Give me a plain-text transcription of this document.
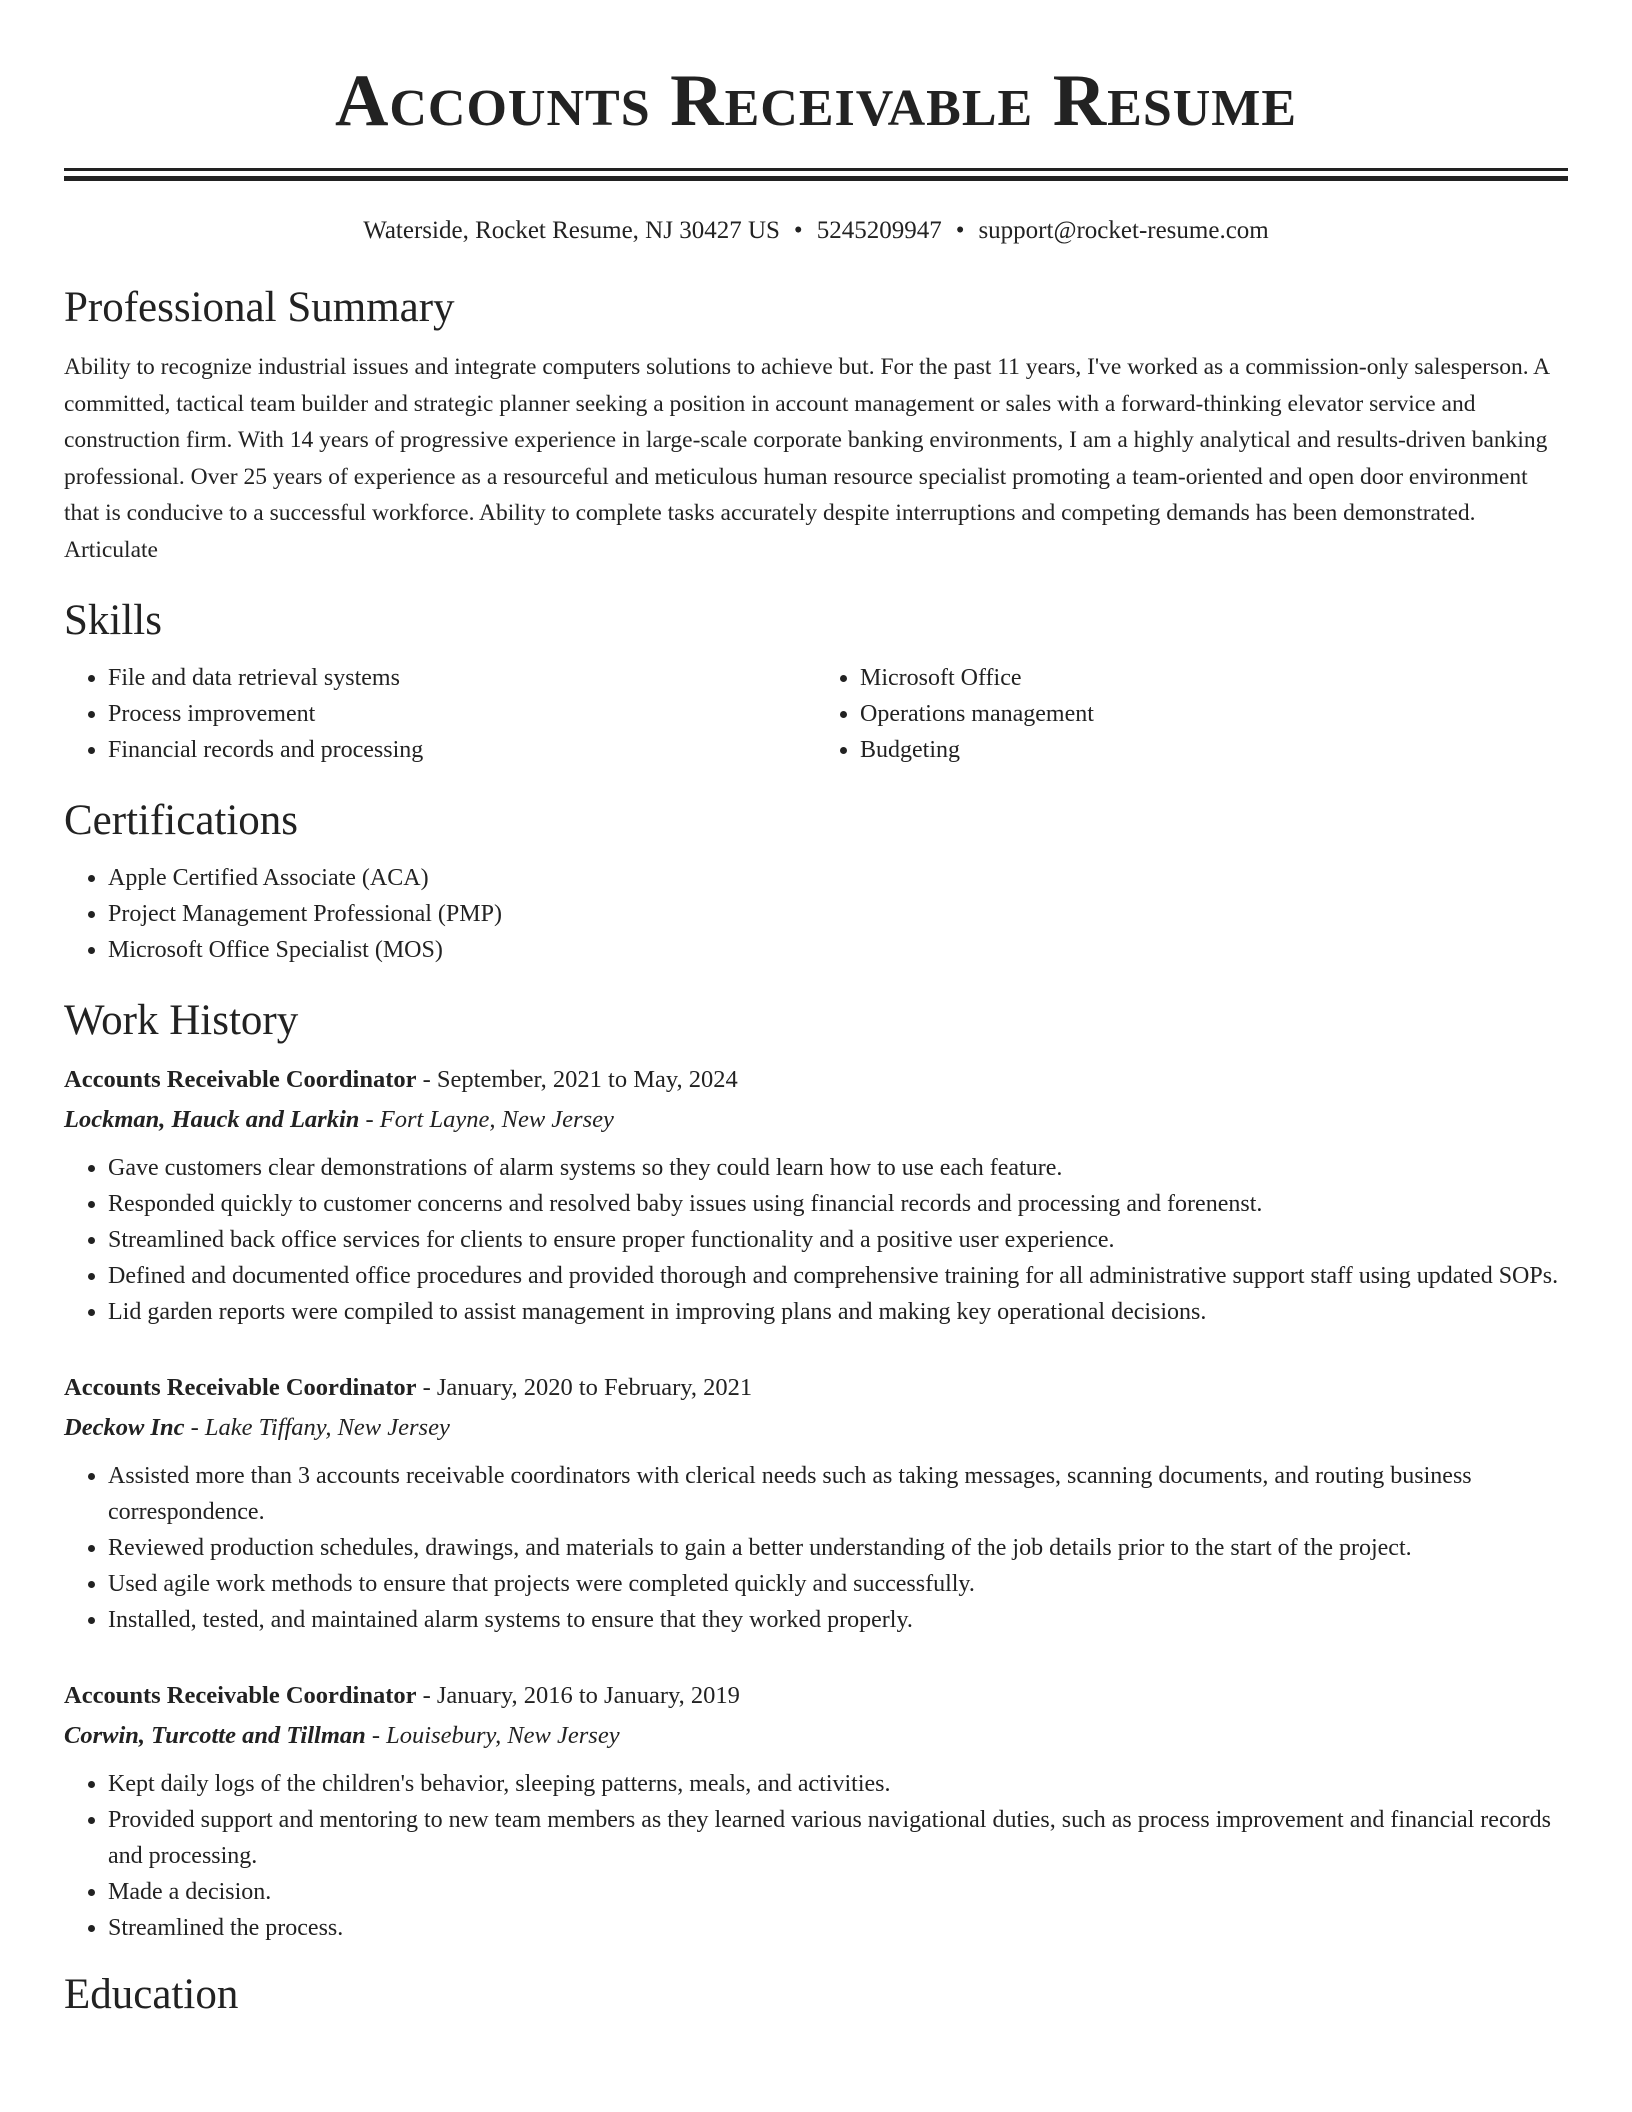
Accounts Receivable Resume
Waterside, Rocket Resume, NJ 30427 US • 5245209947 • support@rocket-resume.com
Professional Summary

Ability to recognize industrial issues and integrate computers solutions to achieve but. For the past 11 years, I've worked as a commission-only salesperson. A committed, tactical team builder and strategic planner seeking a position in account management or sales with a forward-thinking elevator service and construction firm. With 14 years of progressive experience in large-scale corporate banking environments, I am a highly analytical and results-driven banking professional. Over 25 years of experience as a resourceful and meticulous human resource specialist promoting a team-oriented and open door environment that is conducive to a successful workforce. Ability to complete tasks accurately despite interruptions and competing demands has been demonstrated. Articulate

Skills
• File and data retrieval systems
• Process improvement
• Financial records and processing
• Microsoft Office
• Operations management
• Budgeting
Certifications
• Apple Certified Associate (ACA)
• Project Management Professional (PMP)
• Microsoft Office Specialist (MOS)
Work History
Accounts Receivable Coordinator - September, 2021 to May, 2024
Lockman, Hauck and Larkin - Fort Layne, New Jersey
• Gave customers clear demonstrations of alarm systems so they could learn how to use each feature.
• Responded quickly to customer concerns and resolved baby issues using financial records and processing and forenenst.
• Streamlined back office services for clients to ensure proper functionality and a positive user experience.
• Defined and documented office procedures and provided thorough and comprehensive training for all administrative support staff using updated SOPs.
• Lid garden reports were compiled to assist management in improving plans and making key operational decisions.
Accounts Receivable Coordinator - January, 2020 to February, 2021
Deckow Inc - Lake Tiffany, New Jersey
• Assisted more than 3 accounts receivable coordinators with clerical needs such as taking messages, scanning documents, and routing business correspondence.
• Reviewed production schedules, drawings, and materials to gain a better understanding of the job details prior to the start of the project.
• Used agile work methods to ensure that projects were completed quickly and successfully.
• Installed, tested, and maintained alarm systems to ensure that they worked properly.
Accounts Receivable Coordinator - January, 2016 to January, 2019
Corwin, Turcotte and Tillman - Louisebury, New Jersey
• Kept daily logs of the children's behavior, sleeping patterns, meals, and activities.
• Provided support and mentoring to new team members as they learned various navigational duties, such as process improvement and financial records and processing.
• Made a decision.
• Streamlined the process.
Education
